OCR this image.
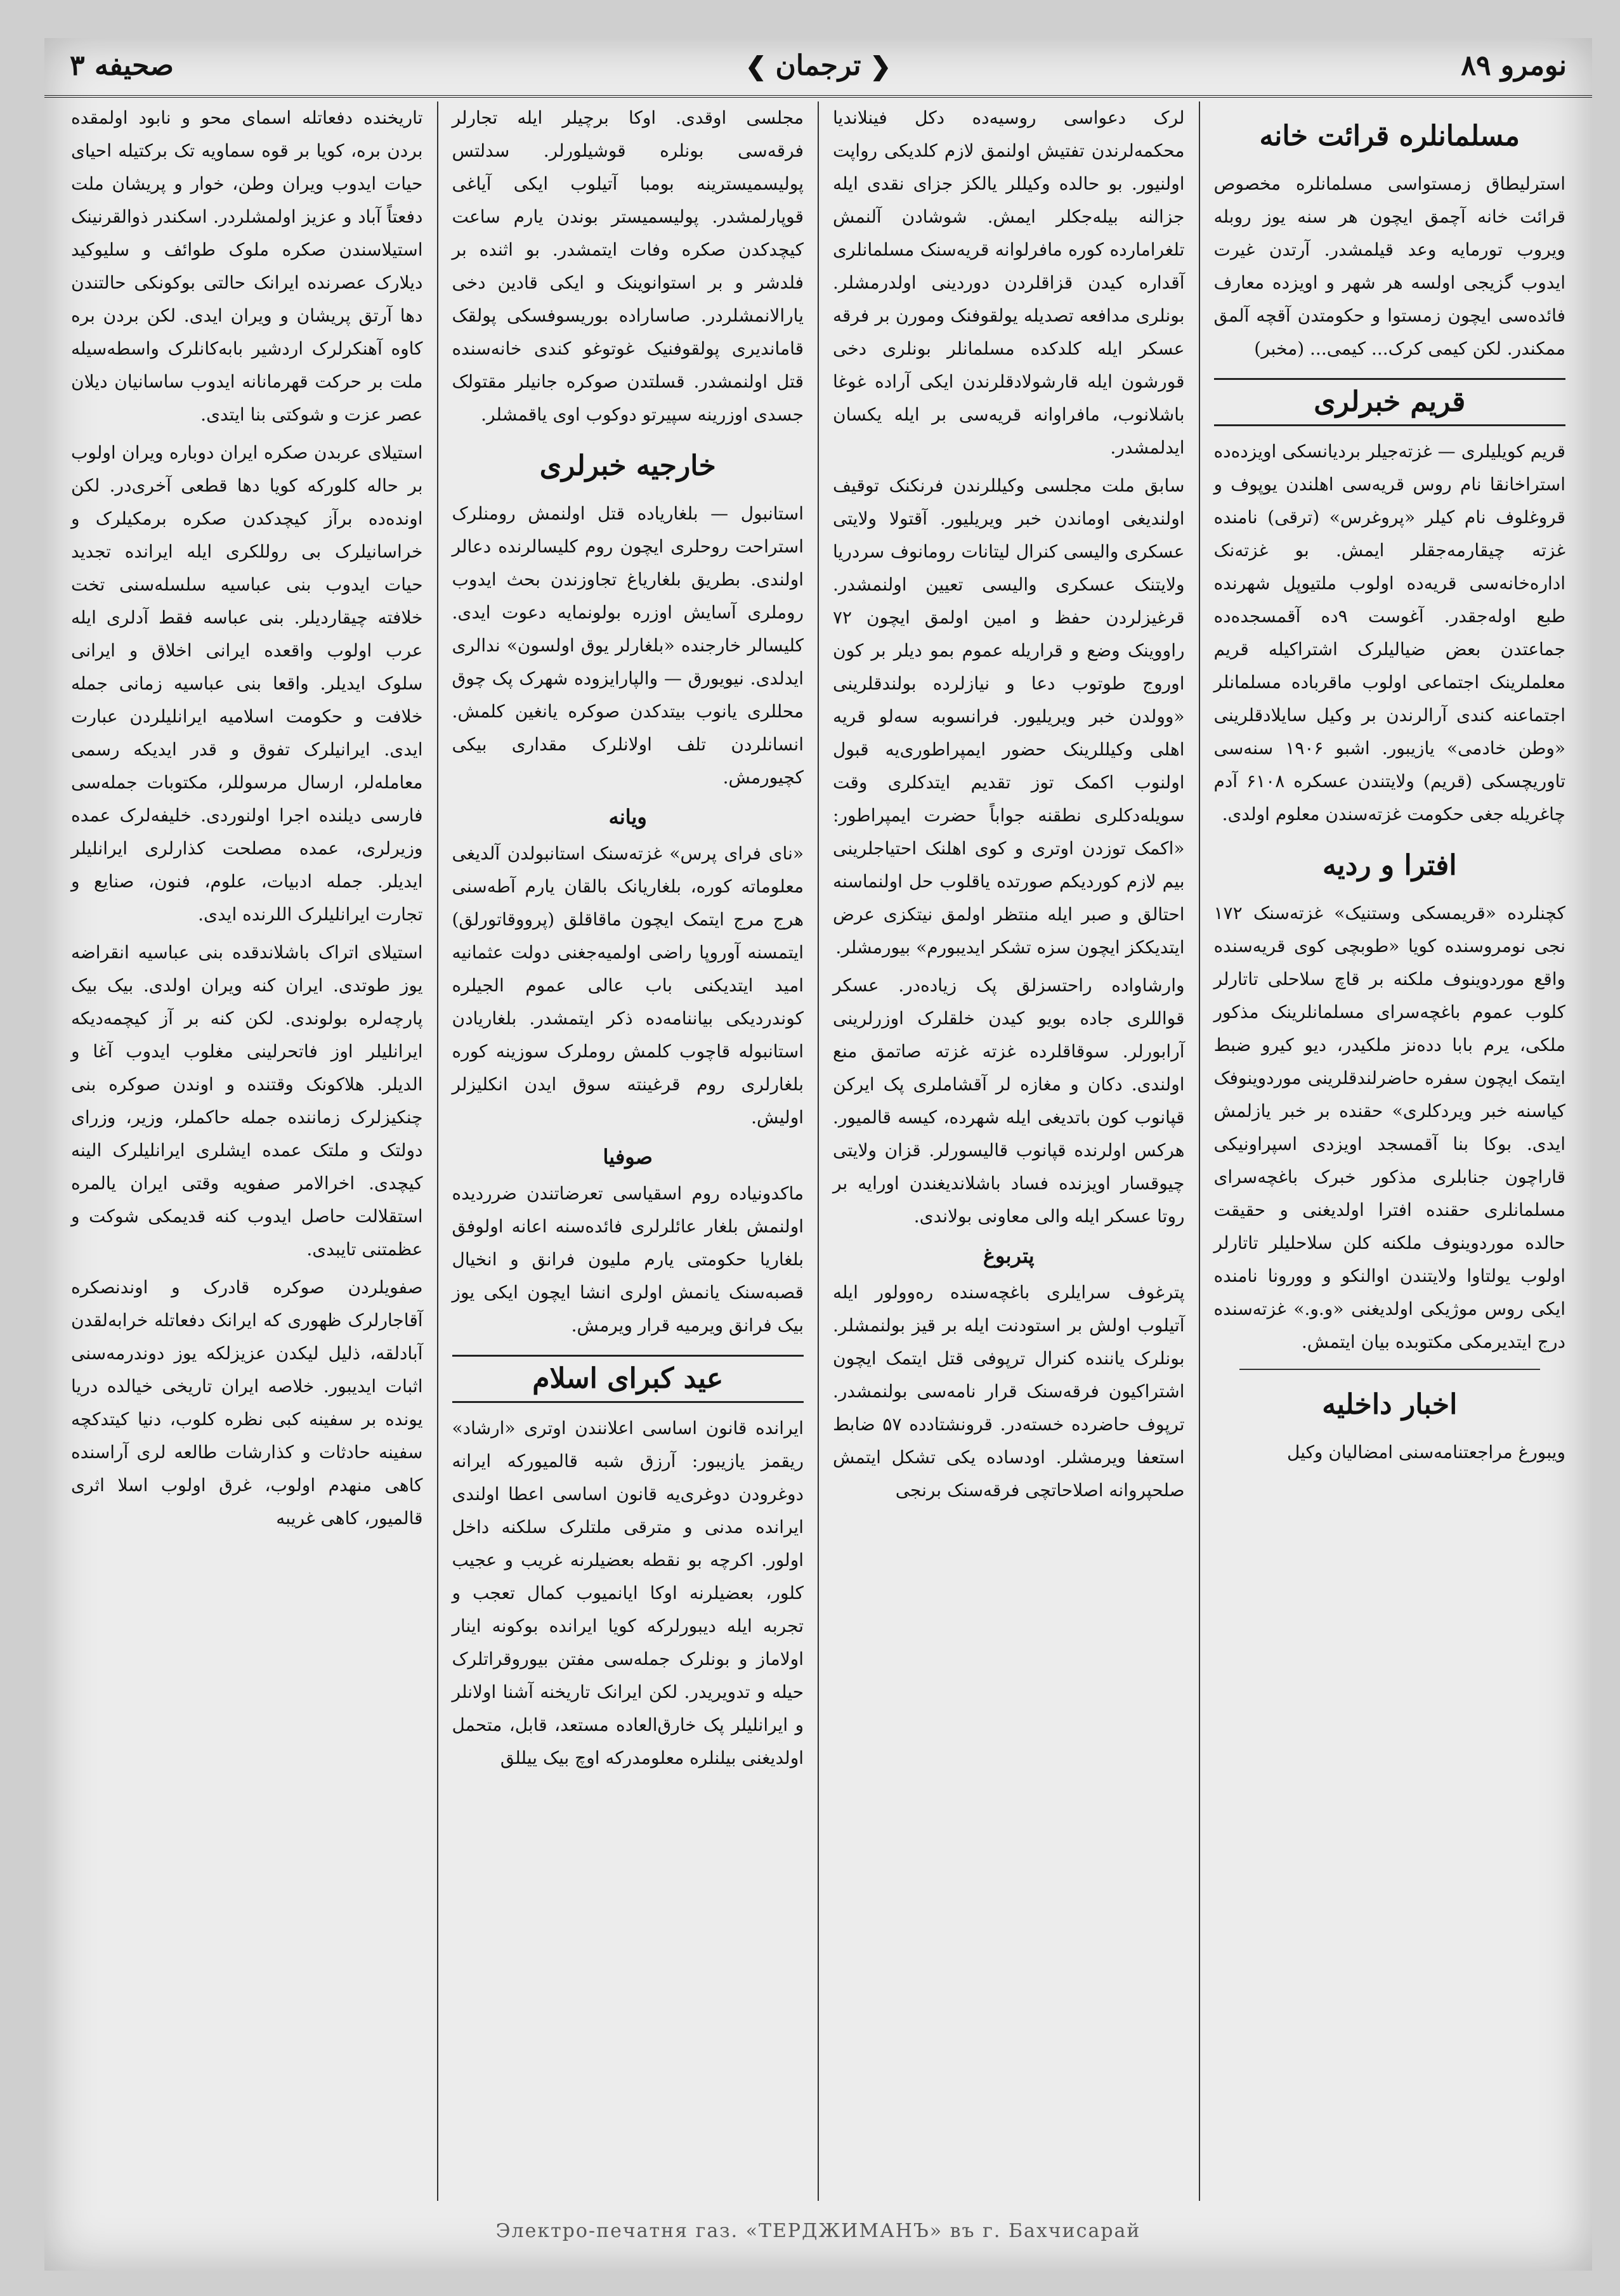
نومرو ۸۹
❮ ترجمان ❯
صحیفه ۳
مسلمانلره قرائت خانه

استرلیطاق زمستواسی مسلمانلره مخصوص قرائت خانه آچمق ایچون هر سنه یوز روبله ویروب تورمایه وعد قیلمشدر. آرتدن غیرت ایدوب گزیجی اولسه هر شهر و اویزده معارف فائده‌سی ایچون زمستوا و حکومتدن آقچه آلمق ممکندر. لکن کیمی کرک... کیمی... (مخبر)

قریم خبرلری

قریم کویلیلری — غزته‌جیلر بردیانسکی اویزده‌ده استراخانقا نام روس قریه‌سی اهلندن یوپوف و قروغلوف نام کیلر «پروغرس» (ترقی) نامنده غزته چیقارمه‌جقلر ایمش. بو غزته‌نک اداره‌خانه‌سی قریه‌ده اولوب ملتیوپل شهرنده طبع اوله‌جقدر. آغوست ۹ده آقمسجده‌ده جماعتدن بعض ضیالیلرک اشتراکیله قریم معلملرینک اجتماعی اولوب ماقرباده مسلمانلر اجتماعنه کندی آرالرندن بر وکیل سایلادقلرینی «وطن خادمی» یازیبور. اشبو ۱۹۰۶ سنه‌سی تاوریچسکی (قریم) ولایتندن عسکره ۶۱۰۸ آدم چاغریله جغی حکومت غزته‌سندن معلوم اولدی.

افترا و ردیه

کچنلرده «قریمسکی وستنیک» غزته‌سنک ۱۷۲ نجی نومروسنده کویا «طوبچی کوی قریه‌سنده واقع موردوینوف ملکنه بر قاچ سلاحلی تاتارلر کلوب عموم باغچه‌سرای مسلمانلرینک مذکور ملکی، یرم بابا دده‌نز ملکیدر، دیو کیرو ضبط ایتمک ایچون سفره حاضرلندقلرینی موردوینوفک کیاسنه خبر ویردکلری» حقنده بر خبر یازلمش ایدی. بوکا بنا آقمسجد اویزدی اسپراونیکی قاراچون جنابلری مذکور خبرک باغچه‌سرای مسلمانلری حقنده افترا اولدیغنی و حقیقت حالده موردوینوف ملکنه کلن سلاحلیلر تاتارلر اولوب یولتاوا ولایتندن اوالنکو و وورونا نامنده ایکی روس موژیکی اولدیغنی «و.و.» غزته‌سنده درج ایتدیرمکی مکتوبده بیان ایتمش.

اخبار داخلیه

ویبورغ مراجعتنامه‌سنی امضالیان وکیل

لرک دعواسی روسیه‌ده دکل فینلاندیا محکمه‌لرندن تفتیش اولنمق لازم کلدیکی رواپت اولنیور. بو حالده وکیللر یالکز جزای نقدی ایله جزالنه بیله‌جکلر ایمش. شوشادن آلنمش تلغرامارده کوره مافرلوانه قریه‌سنک مسلمانلری آقداره کیدن قزاقلردن دوردینی اولدرمشلر. بونلری مدافعه تصدیله یولقوفنک ومورن بر فرقه عسکر ایله کلدکده مسلمانلر بونلری دخی قورشون ایله قارشولادقلرندن ایکی آراده غوغا باشلانوب، مافراوانه قریه‌سی بر ایله یکسان ایدلمشدر.

سابق ملت مجلسی وکیللرندن فرنکنک توقیف اولندیغی اوماندن خبر ویریلیور. آقتولا ولایتی عسکری والیسی کنرال لیتانات رومانوف سردریا ولایتنک عسکری والیسی تعیین اولنمشدر. قرغیزلردن حفظ و امین اولمق ایچون ۷۲ راووینک وضع و قراریله عموم بمو دیلر بر کون اوروج طوتوب دعا و نیازلرده بولندقلرینی «وولدن خبر ویریلیور. فرانسوبه سه‌لو قریه اهلی وکیللرینک حضور ایمپراطوری‌یه قبول اولنوب اکمک توز تقدیم ایتدکلری وقت سویله‌دکلری نطقنه جواباً حضرت ایمپراطور: «اکمک توزدن اوتری و کوی اهلنک احتیاجلرینی بیم لازم کوردیکم صورتده یاقلوب حل اولنماسنه احتالق و صبر ایله منتظر اولمق نیتکزی عرض ایتدیککز ایچون سزه تشکر ایدیبورم» بیورمشلر.

وارشاواده راحتسزلق پک زیاده‌در. عسکر قواللری جاده بویو کیدن خلقلرک اوزرلرینی آرابورلر. سوقاقلرده غزته غزته صاتمق منع اولندی. دکان و مغازه لر آقشاملری پک ایرکن قپانوب کون باتدیغی ایله شهرده، کیسه قالمیور. هرکس اولرنده قپانوب قالیسورلر. قزان ولایتی چیوقسار اویزنده فساد باشلاندیغندن اورایه بر روتا عسکر ایله والی معاونی بولاندی.

پتربوغ

پترغوف سرایلری باغچه‌سنده ره‌وولور ایله آتیلوب اولش بر استودنت ایله بر قیز بولنمشلر. بونلرک یاننده کنرال ترپوفی قتل ایتمک ایچون اشتراکیون فرقه‌سنک قرار نامه‌سی بولنمشدر. ترپوف حاضرده خسته‌در. قرونشتادده ۵۷ ضابط استعفا ویرمشلر. اودساده یکی تشکل ایتمش صلحپروانه اصلاحاتچی فرقه‌سنک برنجی

مجلسی اوقدی. اوکا برچیلر ایله تجارلر فرقه‌سی بونلره قوشیلورلر. سدلتس پولیسمیسترینه بومبا آتیلوب ایکی آیاغی قوپارلمشدر. پولیسمیستر بوندن یارم ساعت کیچدکدن صکره وفات ایتمشدر. بو اثنده بر فلدشر و بر استوانوینک و ایکی قادین دخی یارالانمشلردر. صاساراده بوریسوفسکی پولقک قاماندیری پولقوفنیک غوتوغو کندی خانه‌سنده قتل اولنمشدر. قسلتدن صوکره جانیلر مقتولک جسدی اوزرینه سپیرتو دوکوب اوی یاقمشلر.

خارجیه خبرلری

استانبول — بلغاریاده قتل اولنمش رومنلرک استراحت روحلری ایچون روم کلیسالرنده دعالر اولندی. بطریق بلغاریاغ تجاوزندن بحث ایدوب روملری آسایش اوزره بولونمایه دعوت ایدی. کلیسالر خارجنده «بلغارلر یوق اولسون» ندالری ایدلدی. نیویورق — والپارایزوده شهرک پک چوق محللری یانوب بیتدکدن صوکره یانغین کلمش. انسانلردن تلف اولانلرک مقداری بیکی کچیورمش.

ویانه

«نای فرای پرس» غزته‌سنک استانبولدن آلدیغی معلوماته کوره، بلغاریانک بالقان یارم آطه‌سنی هرج مرج ایتمک ایچون ماقاقلق (پرووقاتورلق) ایتمسنه آوروپا راضی اولمیه‌جغنی دولت عثمانیه امید ایتدیکنی باب عالی عموم الجیلره کوندردیکی بیاننامه‌ده ذکر ایتمشدر. بلغاریادن استانبوله قاچوب کلمش روملرک سوزینه کوره بلغارلری روم قرغینته سوق ایدن انکلیزلر اولیش.

صوفیا

ماکدونیاده روم اسقیاسی تعرضاتندن ضرردیده اولنمش بلغار عائلرلری فائده‌سنه اعانه اولوفق بلغاریا حکومتی یارم ملیون فرانق و انخیال قصبه‌سنک یانمش اولری انشا ایچون ایکی یوز بیک فرانق ویرمیه قرار ویرمش.

عید کبرای اسلام

ایرانده قانون اساسی اعلانندن اوتری «ارشاد» ریقمز یازیبور: آرزق شبه قالمیورکه ایرانه دوغرودن دوغری‌یه قانون اساسی اعطا اولندی ایرانده مدنی و مترقی ملتلرک سلکنه داخل اولور. اکرچه بو نقطه بعضیلرنه غریب و عجیب کلور، بعضیلرنه اوکا ایانمیوب کمال تعجب و تجربه ایله دیبورلرکه کویا ایرانده بوکونه اینار اولاماز و بونلرک جمله‌سی مفتن بیوروقراتلرک حیله و تدویریدر. لکن ایرانک تاریخنه آشنا اولانلر و ایرانلیلر پک خارق‌العاده مستعد، قابل، متحمل اولدیغنی بیلنلره معلومدرکه اوچ بیک ییللق

تاریخنده دفعاتله اسمای محو و نابود اولمقده بردن بره، کویا بر قوه سماویه تک برکتیله احیای حیات ایدوب ویران وطن، خوار و پریشان ملت دفعتاً آباد و عزیز اولمشلردر. اسکندر ذوالقرنینک استیلاسندن صکره ملوک طوائف و سلیوکید دیلارک عصرنده ایرانک حالتی بوکونکی حالتندن دها آرتق پریشان و ویران ایدی. لکن بردن بره کاوه آهنکرلرک اردشیر بابه‌کانلرک واسطه‌سیله ملت بر حرکت قهرمانانه ایدوب ساسانیان دیلان عصر عزت و شوکتی بنا ایتدی.

استیلای عربدن صکره ایران دوباره ویران اولوب بر حاله کلورکه کویا دها قطعی آخری‌در. لکن اونده‌ده برآز کیچدکدن صکره برمکیلرک و خراسانیلرک بی روللکری ایله ایرانده تجدید حیات ایدوب بنی عباسیه سلسله‌سنی تخت خلافته چیقاردیلر. بنی عباسه فقط آدلری ایله عرب اولوب واقعده ایرانی اخلاق و ایرانی سلوک ایدیلر. واقعا بنی عباسیه زمانی جمله خلافت و حکومت اسلامیه ایرانلیلردن عبارت ایدی. ایرانیلرک تفوق و قدر ایدیکه رسمی معامله‌لر، ارسال مرسوللر، مکتوبات جمله‌سی فارسی دیلنده اجرا اولنوردی. خلیفه‌لرک عمده وزیرلری، عمده مصلحت کذارلری ایرانلیلر ایدیلر. جمله ادبیات، علوم، فنون، صنایع و تجارت ایرانلیلرک اللرنده ایدی.

استیلای اتراک باشلاندقده بنی عباسیه انقراضه یوز طوتدی. ایران کنه ویران اولدی. بیک بیک پارچه‌لره بولوندی. لکن کنه بر آز کیچمه‌دیکه ایرانلیلر اوز فاتحرلینی مغلوب ایدوب آغا و الدیلر. هلاکونک وقتنده و اوندن صوکره بنی چنکیزلرک زماننده جمله حاکملر، وزیر، وزرای دولتک و ملتک عمده ایشلری ایرانلیلرک الینه کیچدی. اخرالامر صفویه وقتی ایران یالمره استقلالت حاصل ایدوب کنه قدیمکی شوکت و عظمتنی تایبدی.

صفویلردن صوکره قادرک و اوندنصکره آقاجارلرک ظهوری که ایرانک دفعاتله خرابه‌لقدن آباد‌لقه، ذلیل لیکدن عزیزلکه یوز دوندرمه‌سنی اثبات ایدیبور. خلاصه ایران تاریخی خیالده دریا یونده بر سفینه کبی نظره کلوب، دنیا کیتدکچه سفینه حادثات و کذارشات طالعه لری آراسنده کاهی منهدم اولوب، غرق اولوب اسلا اثری قالمیور، کاهی غریبه

Электро-печатня газ. «ТЕРДЖИМАНЪ» въ г. Бахчисарай
